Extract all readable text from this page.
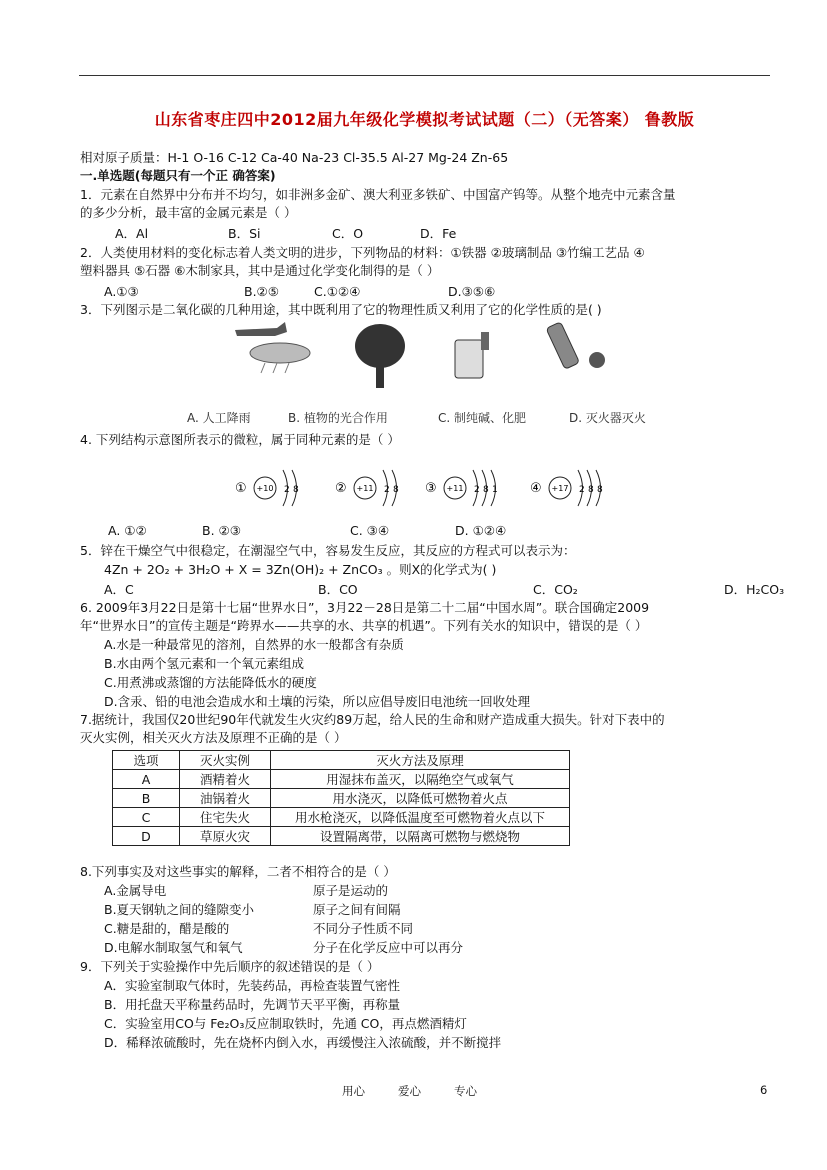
山东省枣庄四中2012届九年级化学模拟考试试题（二）（无答案） 鲁教版
相对原子质量：H-1 O-16 C-12 Ca-40 Na-23 Cl-35.5 Al-27 Mg-24 Zn-65
一.单选题(每题只有一个正 确答案)
1．元素在自然界中分布并不均匀，如非洲多金矿、澳大利亚多铁矿、中国富产钨等。从整个地壳中元素含量
的多少分析，最丰富的金属元素是（ ）
A．Al	B．Si	C．O	D．Fe
2．人类使用材料的变化标志着人类文明的进步，下列物品的材料：①铁器 ②玻璃制品 ③竹编工艺品 ④
塑料器具 ⑤石器 ⑥木制家具，其中是通过化学变化制得的是（ ）
A.①③	B.②⑤	C.①②④	D.③⑤⑥
3．下列图示是二氧化碳的几种用途，其中既利用了它的物理性质又利用了它的化学性质的是( )
A. 人工降雨	B. 植物的光合作用	C. 制纯碱、化肥	D. 灭火器灭火
4. 下列结构示意图所表示的微粒，属于同种元素的是（ ）
① +10 2 8	② +11 2 8 ③ +11 2 8 1 ④ +17 2 8 8
A. ①②	B. ②③	C. ③④	D. ①②④
5．锌在干燥空气中很稳定，在潮湿空气中，容易发生反应，其反应的方程式可以表示为：
4Zn + 2O₂ + 3H₂O + X = 3Zn(OH)₂ + ZnCO₃ 。则X的化学式为( )
A．C	B．CO	C．CO₂	D．H₂CO₃
6. 2009年3月22日是第十七届“世界水日”，3月22－28日是第二十二届“中国水周”。联合国确定2009
年“世界水日”的宣传主题是“跨界水——共享的水、共享的机遇”。下列有关水的知识中，错误的是（ ）
A.水是一种最常见的溶剂，自然界的水一般都含有杂质
B.水由两个氢元素和一个氧元素组成
C.用煮沸或蒸馏的方法能降低水的硬度
D.含汞、铅的电池会造成水和土壤的污染，所以应倡导废旧电池统一回收处理
7.据统计，我国仅20世纪90年代就发生火灾约89万起，给人民的生命和财产造成重大损失。针对下表中的
灭火实例，相关灭火方法及原理不正确的是（ ）
选项	灭火实例	灭火方法及原理
A	酒精着火	用湿抹布盖灭，以隔绝空气或氧气
B	油锅着火	用水浇灭，以降低可燃物着火点
C	住宅失火	用水枪浇灭，以降低温度至可燃物着火点以下
D	草原火灾	设置隔离带，以隔离可燃物与燃烧物
8.下列事实及对这些事实的解释，二者不相符合的是（ ）
A.金属导电	原子是运动的
B.夏天钢轨之间的缝隙变小	原子之间有间隔
C.糖是甜的，醋是酸的	不同分子性质不同
D.电解水制取氢气和氧气	分子在化学反应中可以再分
9．下列关于实验操作中先后顺序的叙述错误的是（ ）
A．实验室制取气体时，先装药品，再检查装置气密性
B．用托盘天平称量药品时，先调节天平平衡，再称量
C．实验室用CO与 Fe₂O₃反应制取铁时，先通 CO，再点燃酒精灯
D．稀释浓硫酸时，先在烧杯内倒入水，再缓慢注入浓硫酸，并不断搅拌
用心	爱心	专心	6
